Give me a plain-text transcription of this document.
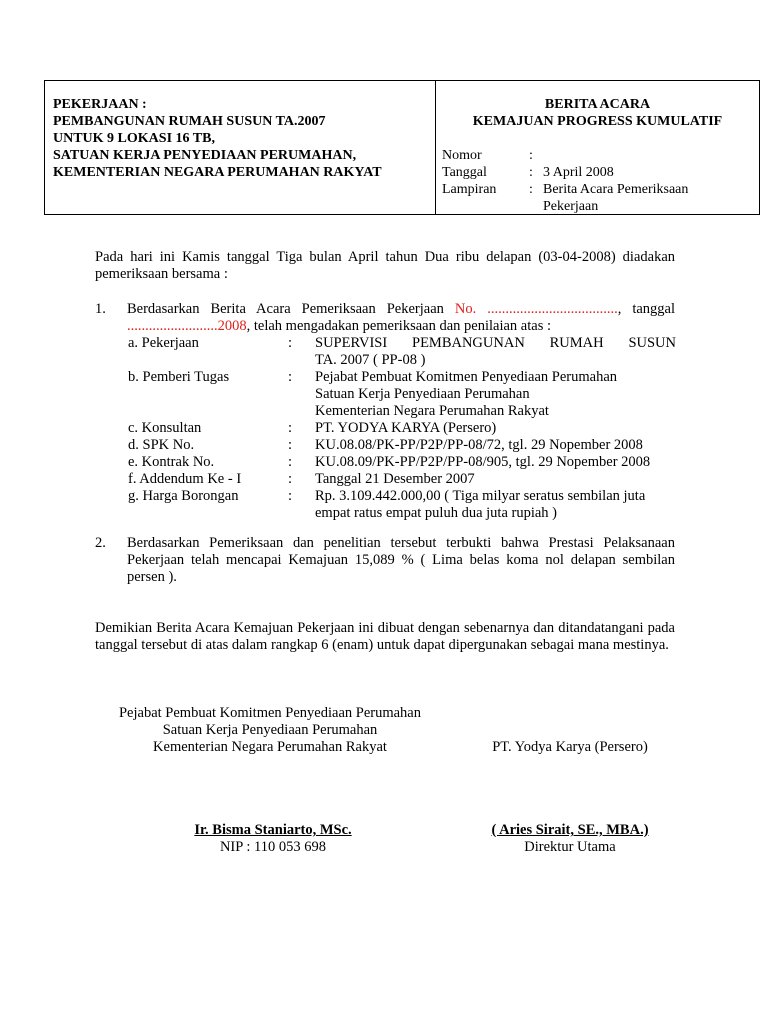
PEKERJAAN :
PEMBANGUNAN RUMAH SUSUN TA.2007
UNTUK 9 LOKASI 16 TB,
SATUAN KERJA PENYEDIAAN PERUMAHAN,
KEMENTERIAN NEGARA PERUMAHAN RAKYAT
BERITA ACARA
KEMAJUAN PROGRESS KUMULATIF
Nomor	:
Tanggal	: 3 April 2008
Lampiran	: Berita Acara Pemeriksaan
Pekerjaan
Pada hari ini Kamis tanggal Tiga bulan April tahun Dua ribu delapan (03-04-2008) diadakan pemeriksaan bersama :
1. Berdasarkan Berita Acara Pemeriksaan Pekerjaan No. ...................................., tanggal .........................2008, telah mengadakan pemeriksaan dan penilaian atas :
a. Pekerjaan	:	SUPERVISI PEMBANGUNAN RUMAH SUSUN
TA. 2007 ( PP-08 )
b. Pemberi Tugas	:	Pejabat Pembuat Komitmen Penyediaan Perumahan
Satuan Kerja Penyediaan Perumahan
Kementerian Negara Perumahan Rakyat
c. Konsultan	:	PT. YODYA KARYA (Persero)
d. SPK No.	:	KU.08.08/PK-PP/P2P/PP-08/72, tgl. 29 Nopember 2008
e. Kontrak No.	:	KU.08.09/PK-PP/P2P/PP-08/905, tgl. 29 Nopember 2008
f. Addendum Ke - I	:	Tanggal 21 Desember 2007
g. Harga Borongan	:	Rp. 3.109.442.000,00 ( Tiga milyar seratus sembilan juta
empat ratus empat puluh dua juta rupiah )
2. Berdasarkan Pemeriksaan dan penelitian tersebut terbukti bahwa Prestasi Pelaksanaan Pekerjaan telah mencapai Kemajuan 15,089 % ( Lima belas koma nol delapan sembilan persen ).
Demikian Berita Acara Kemajuan Pekerjaan ini dibuat dengan sebenarnya dan ditandatangani pada tanggal tersebut di atas dalam rangkap 6 (enam) untuk dapat dipergunakan sebagai mana mestinya.
Pejabat Pembuat Komitmen Penyediaan Perumahan
Satuan Kerja Penyediaan Perumahan
Kementerian Negara Perumahan Rakyat	PT. Yodya Karya (Persero)
Ir. Bisma Staniarto, MSc.
NIP : 110 053 698
( Aries Sirait, SE., MBA.)
Direktur Utama
